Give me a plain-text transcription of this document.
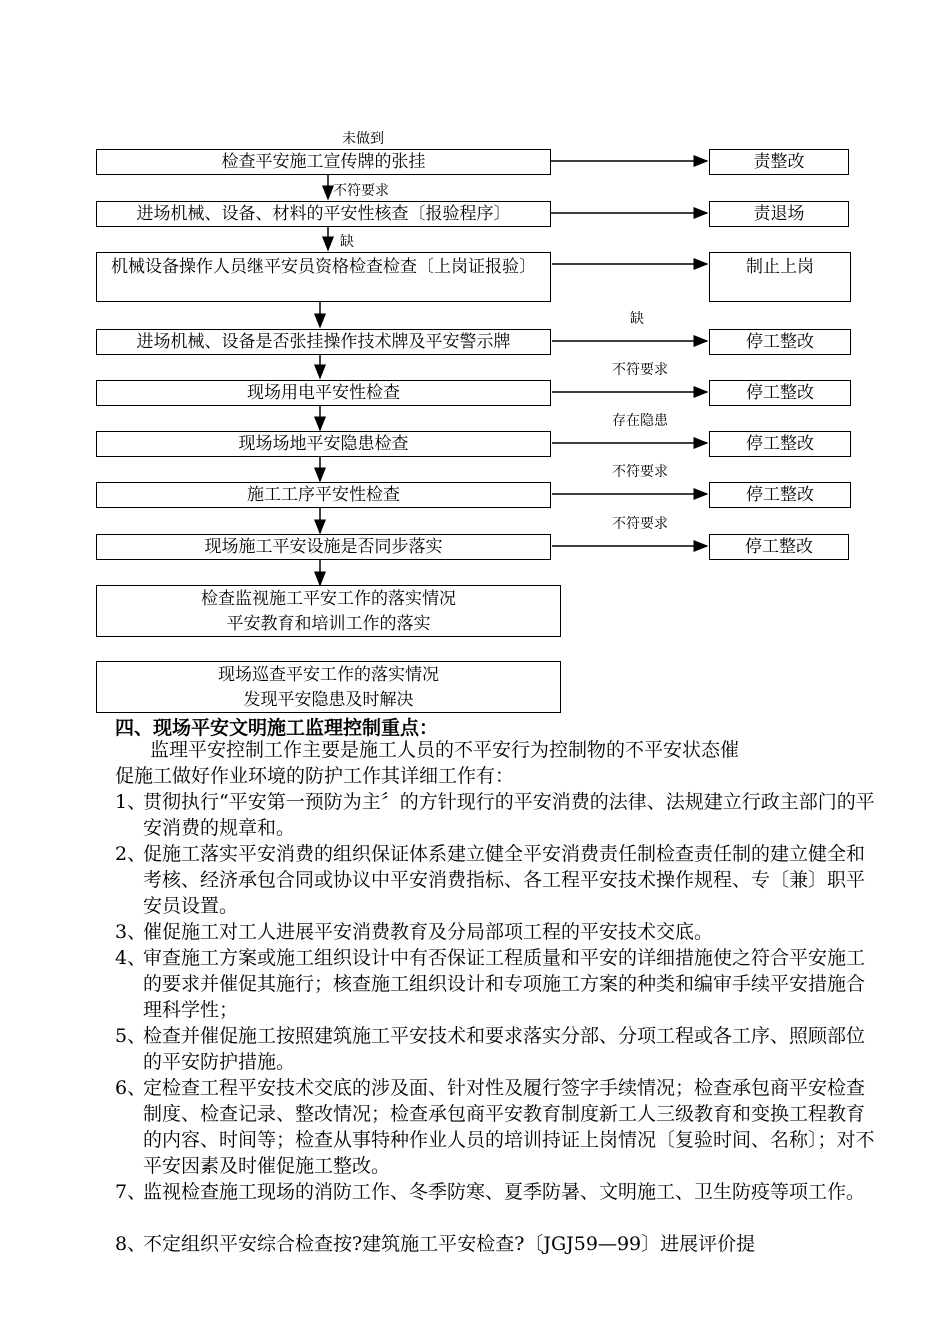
未做到
不符要求
缺
缺
不符要求
存在隐患
不符要求
不符要求
检查平安施工宣传牌的张挂
进场机械、设备、材料的平安性核查〔报验程序〕
机械设备操作人员继平安员资格检查检查〔上岗证报验〕
进场机械、设备是否张挂操作技术牌及平安警示牌
现场用电平安性检查
现场场地平安隐患检查
施工工序平安性检查
现场施工平安设施是否同步落实
责整改
责退场
制止上岗
停工整改
停工整改
停工整改
停工整改
停工整改
检查监视施工平安工作的落实情况
平安教育和培训工作的落实
现场巡查平安工作的落实情况
发现平安隐患及时解决
四、现场平安文明施工监理控制重点：
监理平安控制工作主要是施工人员的不平安行为控制物的不平安状态催
促施工做好作业环境的防护工作其详细工作有：
1、
贯彻执行“平安第一预防为主〞的方针现行的平安消费的法律、法规建立行政主部门的平安消费的规章和。
2、
促施工落实平安消费的组织保证体系建立健全平安消费责任制检查责任制的建立健全和考核、经济承包合同或协议中平安消费指标、各工程平安技术操作规程、专〔兼〕职平安员设置。
3、
催促施工对工人进展平安消费教育及分局部项工程的平安技术交底。
4、
审查施工方案或施工组织设计中有否保证工程质量和平安的详细措施使之符合平安施工的要求并催促其施行；核查施工组织设计和专项施工方案的种类和编审手续平安措施合理科学性；
5、
检查并催促施工按照建筑施工平安技术和要求落实分部、分项工程或各工序、照顾部位的平安防护措施。
6、
定检查工程平安技术交底的涉及面、针对性及履行签字手续情况；检查承包商平安检查制度、检查记录、整改情况；检查承包商平安教育制度新工人三级教育和变换工程教育的内容、时间等；检查从事特种作业人员的培训持证上岗情况〔复验时间、名称〕；对不平安因素及时催促施工整改。
7、
监视检查施工现场的消防工作、冬季防寒、夏季防暑、文明施工、卫生防疫等项工作。
8、
不定组织平安综合检查按?建筑施工平安检查?〔JGJ59—99〕进展评价提
